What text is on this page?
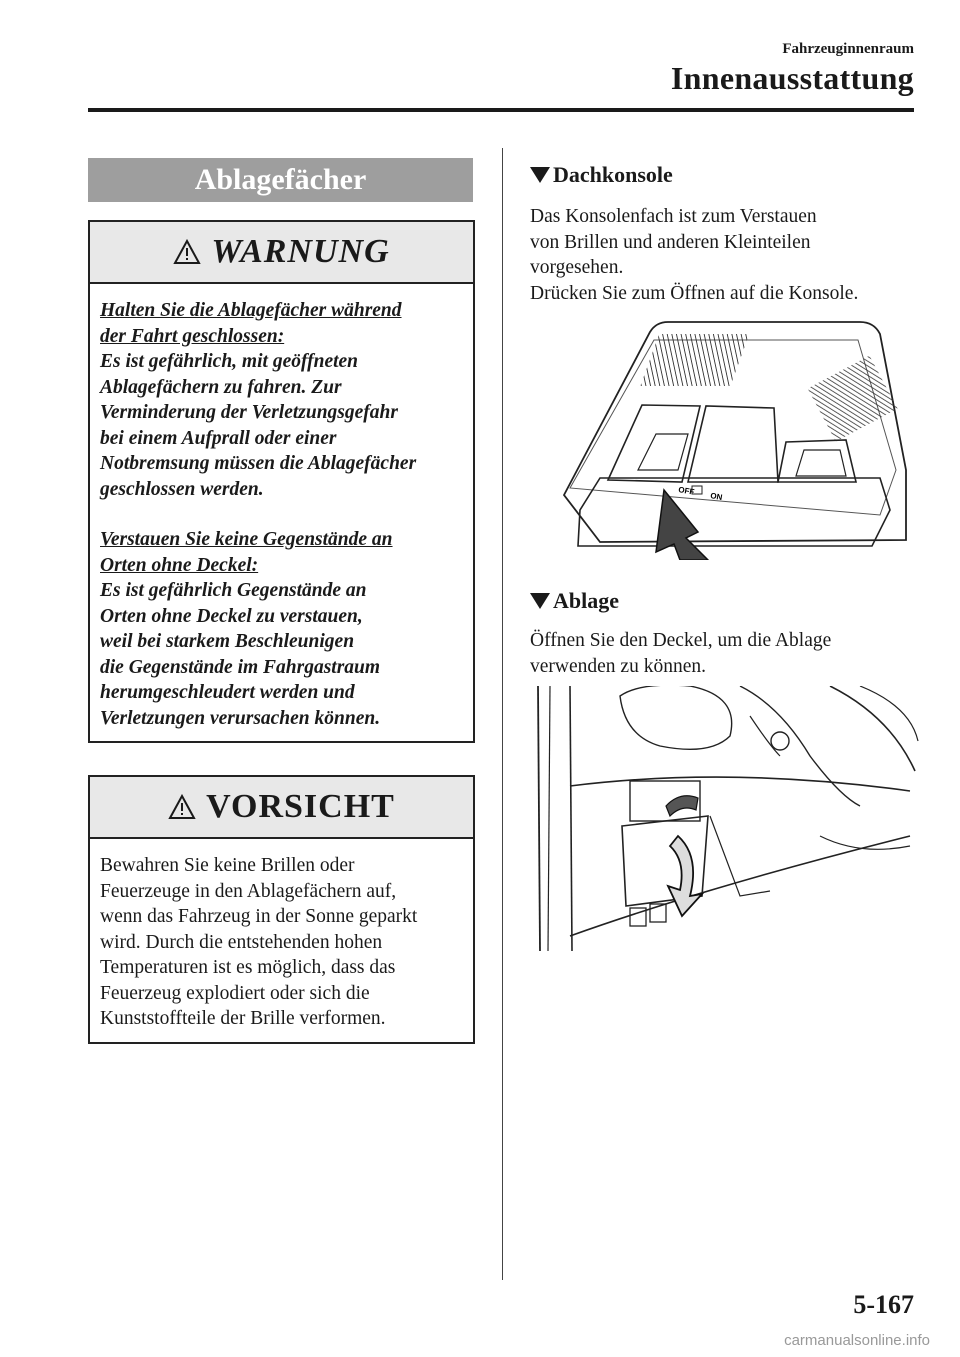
Fahrzeuginnenraum
Innenausstattung
Ablagefächer
WARNUNG

Halten Sie die Ablagefächer während

der Fahrt geschlossen:

Es ist gefährlich, mit geöffneten

Ablagefächern zu fahren. Zur

Verminderung der Verletzungsgefahr

bei einem Aufprall oder einer

Notbremsung müssen die Ablagefächer

geschlossen werden.

Verstauen Sie keine Gegenstände an

Orten ohne Deckel:

Es ist gefährlich Gegenstände an

Orten ohne Deckel zu verstauen,

weil bei starkem Beschleunigen

die Gegenstände im Fahrgastraum

herumgeschleudert werden und

Verletzungen verursachen können.

VORSICHT

Bewahren Sie keine Brillen oder

Feuerzeuge in den Ablagefächern auf,

wenn das Fahrzeug in der Sonne geparkt

wird. Durch die entstehenden hohen

Temperaturen ist es möglich, dass das

Feuerzeug explodiert oder sich die

Kunststoffteile der Brille verformen.

Dachkonsole
Das Konsolenfach ist zum Verstauen
von Brillen und anderen Kleinteilen
vorgesehen.
Drücken Sie zum Öffnen auf die Konsole.
OFF ON
Ablage
Öffnen Sie den Deckel, um die Ablage
verwenden zu können.
5-167
carmanualsonline.info
